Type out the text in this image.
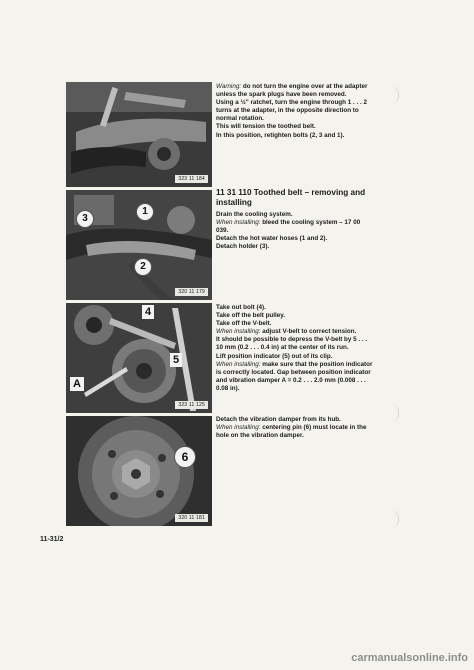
323 11 184
3
1
2
320 11 179
4
5
A
323 11 125
6
320 11 181

Warning: do not turn the engine over at the adapter unless the spark plugs have been removed.

Using a ½" ratchet, turn the engine through 1 . . . 2 turns at the adapter, in the opposite direction to normal rotation.

This will tension the toothed belt.

In this position, retighten bolts (2, 3 and 1).

11 31 110 Toothed belt – removing and installing

Drain the cooling system.

When installing: bleed the cooling system – 17 00 039.

Detach the hot water hoses (1 and 2).

Detach holder (3).

Take out bolt (4).

Take off the belt pulley.

Take off the V-belt.

When installing: adjust V-belt to correct tension.

It should be possible to depress the V-belt by 5 . . . 10 mm (0.2 . . . 0.4 in) at the center of its run.

Lift position indicator (5) out of its clip.

When installing: make sure that the position indicator is correctly located. Gap between position indicator and vibration damper A = 0.2 . . . 2.0 mm (0.008 . . . 0.08 in).

Detach the vibration damper from its hub.

When installing: centering pin (6) must locate in the hole on the vibration damper.

11-31/2
carmanualsonline.info
